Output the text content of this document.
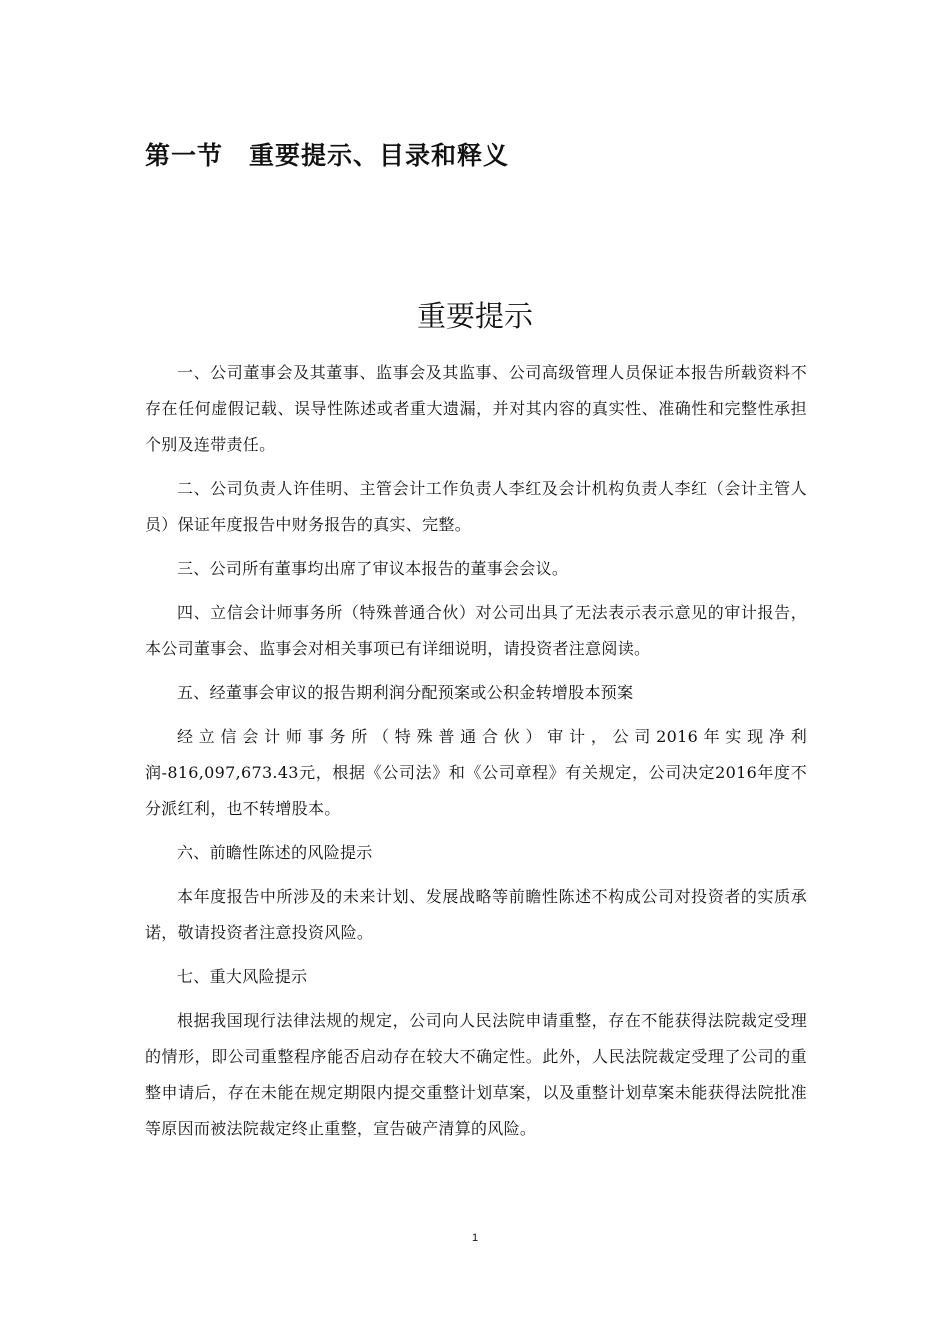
第一节　重要提示、目录和释义
重要提示

一、公司董事会及其董事、监事会及其监事、公司高级管理人员保证本报告所载资料不存在任何虚假记载、误导性陈述或者重大遗漏，并对其内容的真实性、准确性和完整性承担个别及连带责任。

二、公司负责人许佳明、主管会计工作负责人李红及会计机构负责人李红（会计主管人员）保证年度报告中财务报告的真实、完整。

三、公司所有董事均出席了审议本报告的董事会会议。

四、立信会计师事务所（特殊普通合伙）对公司出具了无法表示表示意见的审计报告，本公司董事会、监事会对相关事项已有详细说明，请投资者注意阅读。

五、经董事会审议的报告期利润分配预案或公积金转增股本预案

经立信会计师事务所（特殊普通合伙）审计，公司2016年实现净利润-816,097,673.43元，根据《公司法》和《公司章程》有关规定，公司决定2016年度不分派红利，也不转增股本。

六、前瞻性陈述的风险提示

本年度报告中所涉及的未来计划、发展战略等前瞻性陈述不构成公司对投资者的实质承诺，敬请投资者注意投资风险。

七、重大风险提示

根据我国现行法律法规的规定，公司向人民法院申请重整，存在不能获得法院裁定受理的情形，即公司重整程序能否启动存在较大不确定性。此外，人民法院裁定受理了公司的重整申请后，存在未能在规定期限内提交重整计划草案，以及重整计划草案未能获得法院批准等原因而被法院裁定终止重整，宣告破产清算的风险。

1
